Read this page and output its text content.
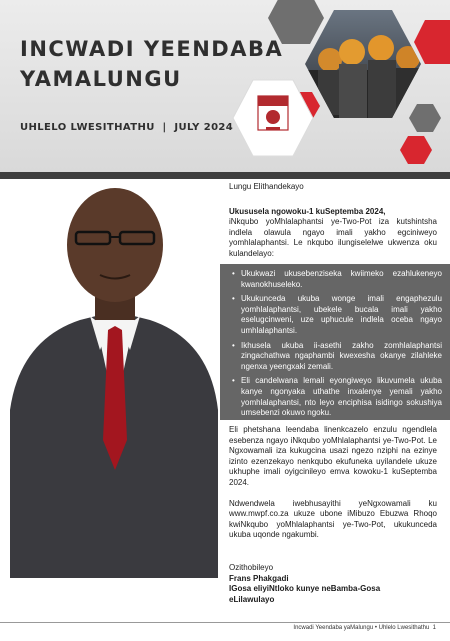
INCWADI YEENDABA
YAMALUNGU
UHLELO LWESITHATHU | JULY 2024

Lungu Elithandekayo

Ukususela ngowoku-1 kuSeptemba 2024,

iNkqubo yoMhlalaphantsi ye-Two-Pot iza kutshintsha indlela olawula ngayo imali yakho egciniweyo yomhlalaphantsi. Le nkqubo ilungiselelwe ukwenza oku kulandelayo:

• Ukukwazi ukusebenziseka kwiimeko ezahlukeneyo kwanokhuseleko.
• Ukukunceda ukuba wonge imali engaphezulu yomhlalaphantsi, ubekele bucala imali yakho eselugcinweni, uze uphucule indlela oceba ngayo umhlalaphantsi.
• Ikhusela ukuba ii-asethi zakho zomhlalaphantsi zingachathwa ngaphambi kwexesha okanye zilahleke ngenxa yeengxaki zemali.
• Eli candelwana lemali eyongiweyo likuvumela ukuba kanye ngonyaka uthathe inxalenye yemali yakho yomhlalaphantsi, nto leyo enciphisa isidingo sokushiya umsebenzi okuwo ngoku.

Eli phetshana leendaba linenkcazelo enzulu ngendlela esebenza ngayo iNkqubo yoMhlalaphantsi ye-Two-Pot. Le Ngxowamali iza kukugcina usazi ngezo nziphi na ezinye izinto ezenzekayo nenkqubo ekufuneka uyilandele ukuze ukhuphe imali oyigcinileyo emva kowoku-1 kuSeptemba 2024.

Ndwendwela iwebhusayithi yeNgxowamali ku www.mwpf.co.za ukuze ubone iMibuzo Ebuzwa Rhoqo kwiNkqubo yoMhlalaphantsi ye-Two-Pot, ukukunceda ukuba uqonde ngakumbi.

Ozithobileyo
Frans Phakgadi
IGosa eliyiNtloko kunye neBamba-Gosa
eLilawulayo
Incwadi Yeendaba yaMalungu • Uhlelo Lwesithathu 1
